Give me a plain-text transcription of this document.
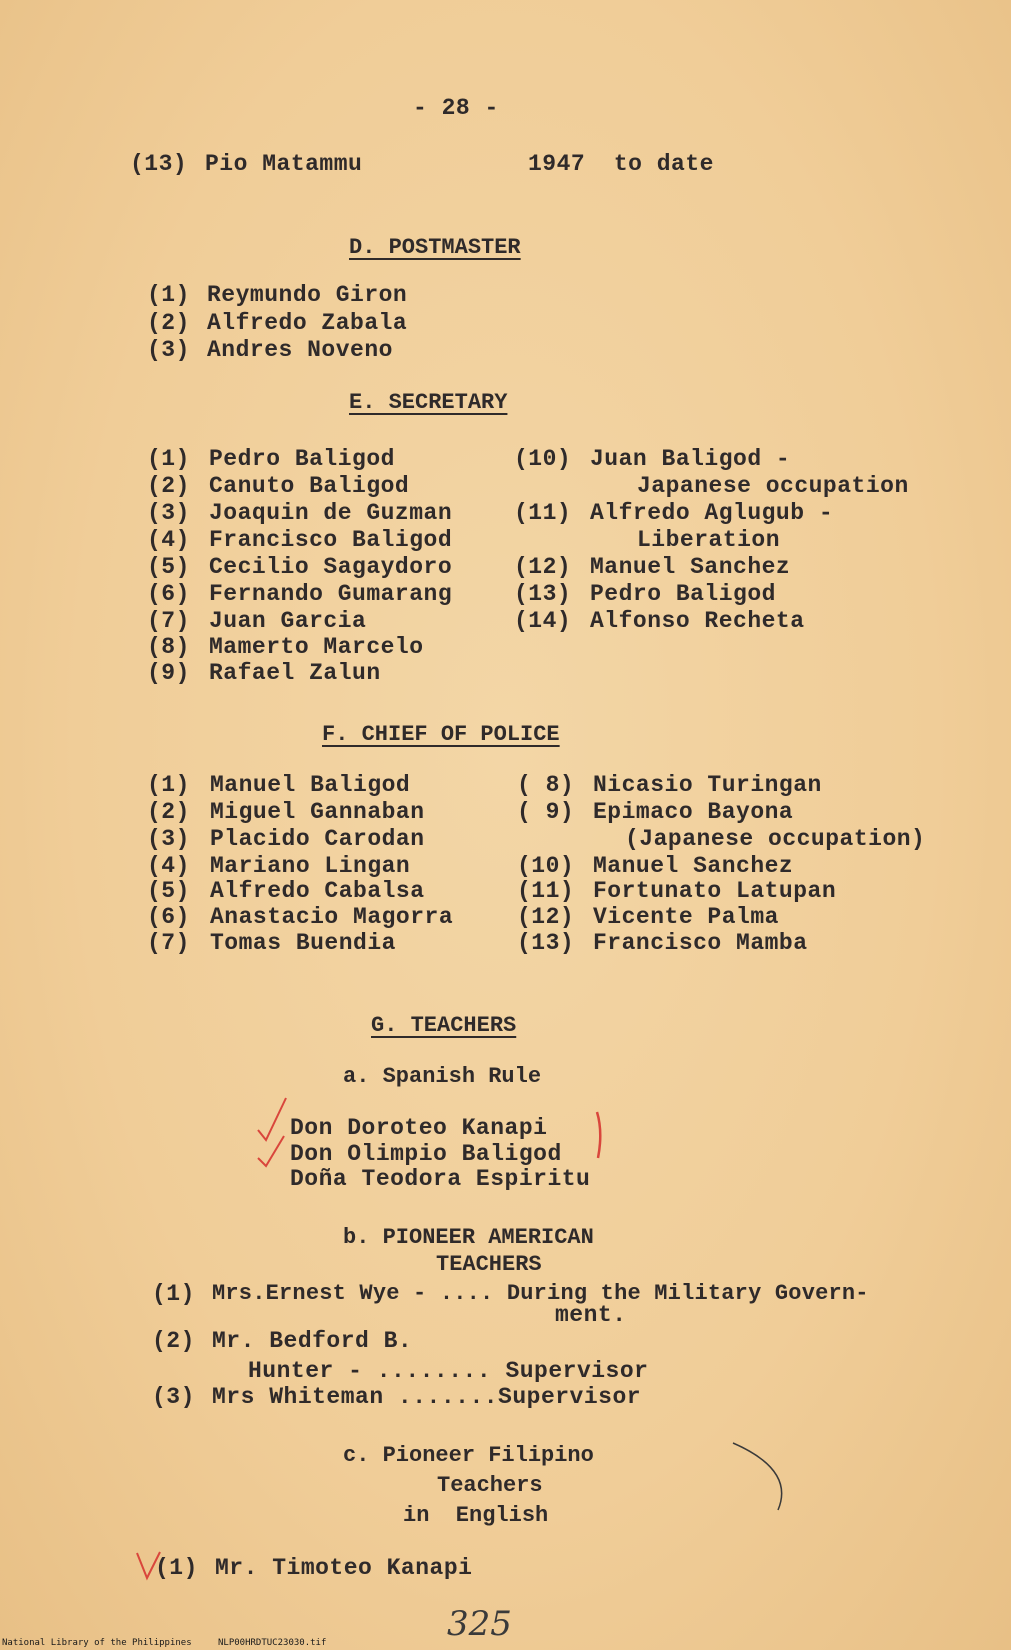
- 28 -
(13) Pio Matammu	1947  to date
D. POSTMASTER
(1) Reymundo Giron
(2) Alfredo Zabala
(3) Andres Noveno
E. SECRETARY
(1) Pedro Baligod
(2) Canuto Baligod
(3) Joaquin de Guzman
(4) Francisco Baligod
(5) Cecilio Sagaydoro
(6) Fernando Gumarang
(7) Juan Garcia
(8) Mamerto Marcelo
(9) Rafael Zalun
(10) Juan Baligod -
Japanese occupation
(11) Alfredo Aglugub -
Liberation
(12) Manuel Sanchez
(13) Pedro Baligod
(14) Alfonso Recheta
F. CHIEF OF POLICE
(1) Manuel Baligod
(2) Miguel Gannaban
(3) Placido Carodan
(4) Mariano Lingan
(5) Alfredo Cabalsa
(6) Anastacio Magorra
(7) Tomas Buendia
( 8) Nicasio Turingan
( 9) Epimaco Bayona
(Japanese occupation)
(10) Manuel Sanchez
(11) Fortunato Latupan
(12) Vicente Palma
(13) Francisco Mamba
G. TEACHERS
a. Spanish Rule
Don Doroteo Kanapi
Don Olimpio Baligod
Doña Teodora Espiritu
b. PIONEER AMERICAN
TEACHERS
(1) Mrs.Ernest Wye - .... During the Military Govern-
ment.
(2) Mr. Bedford B.
Hunter - ........ Supervisor
(3) Mrs Whiteman .......Supervisor
c. Pioneer Filipino
Teachers
in  English
(1) Mr. Timoteo Kanapi
325
National Library of the Philippines	NLP00HRDTUC23030.tif
